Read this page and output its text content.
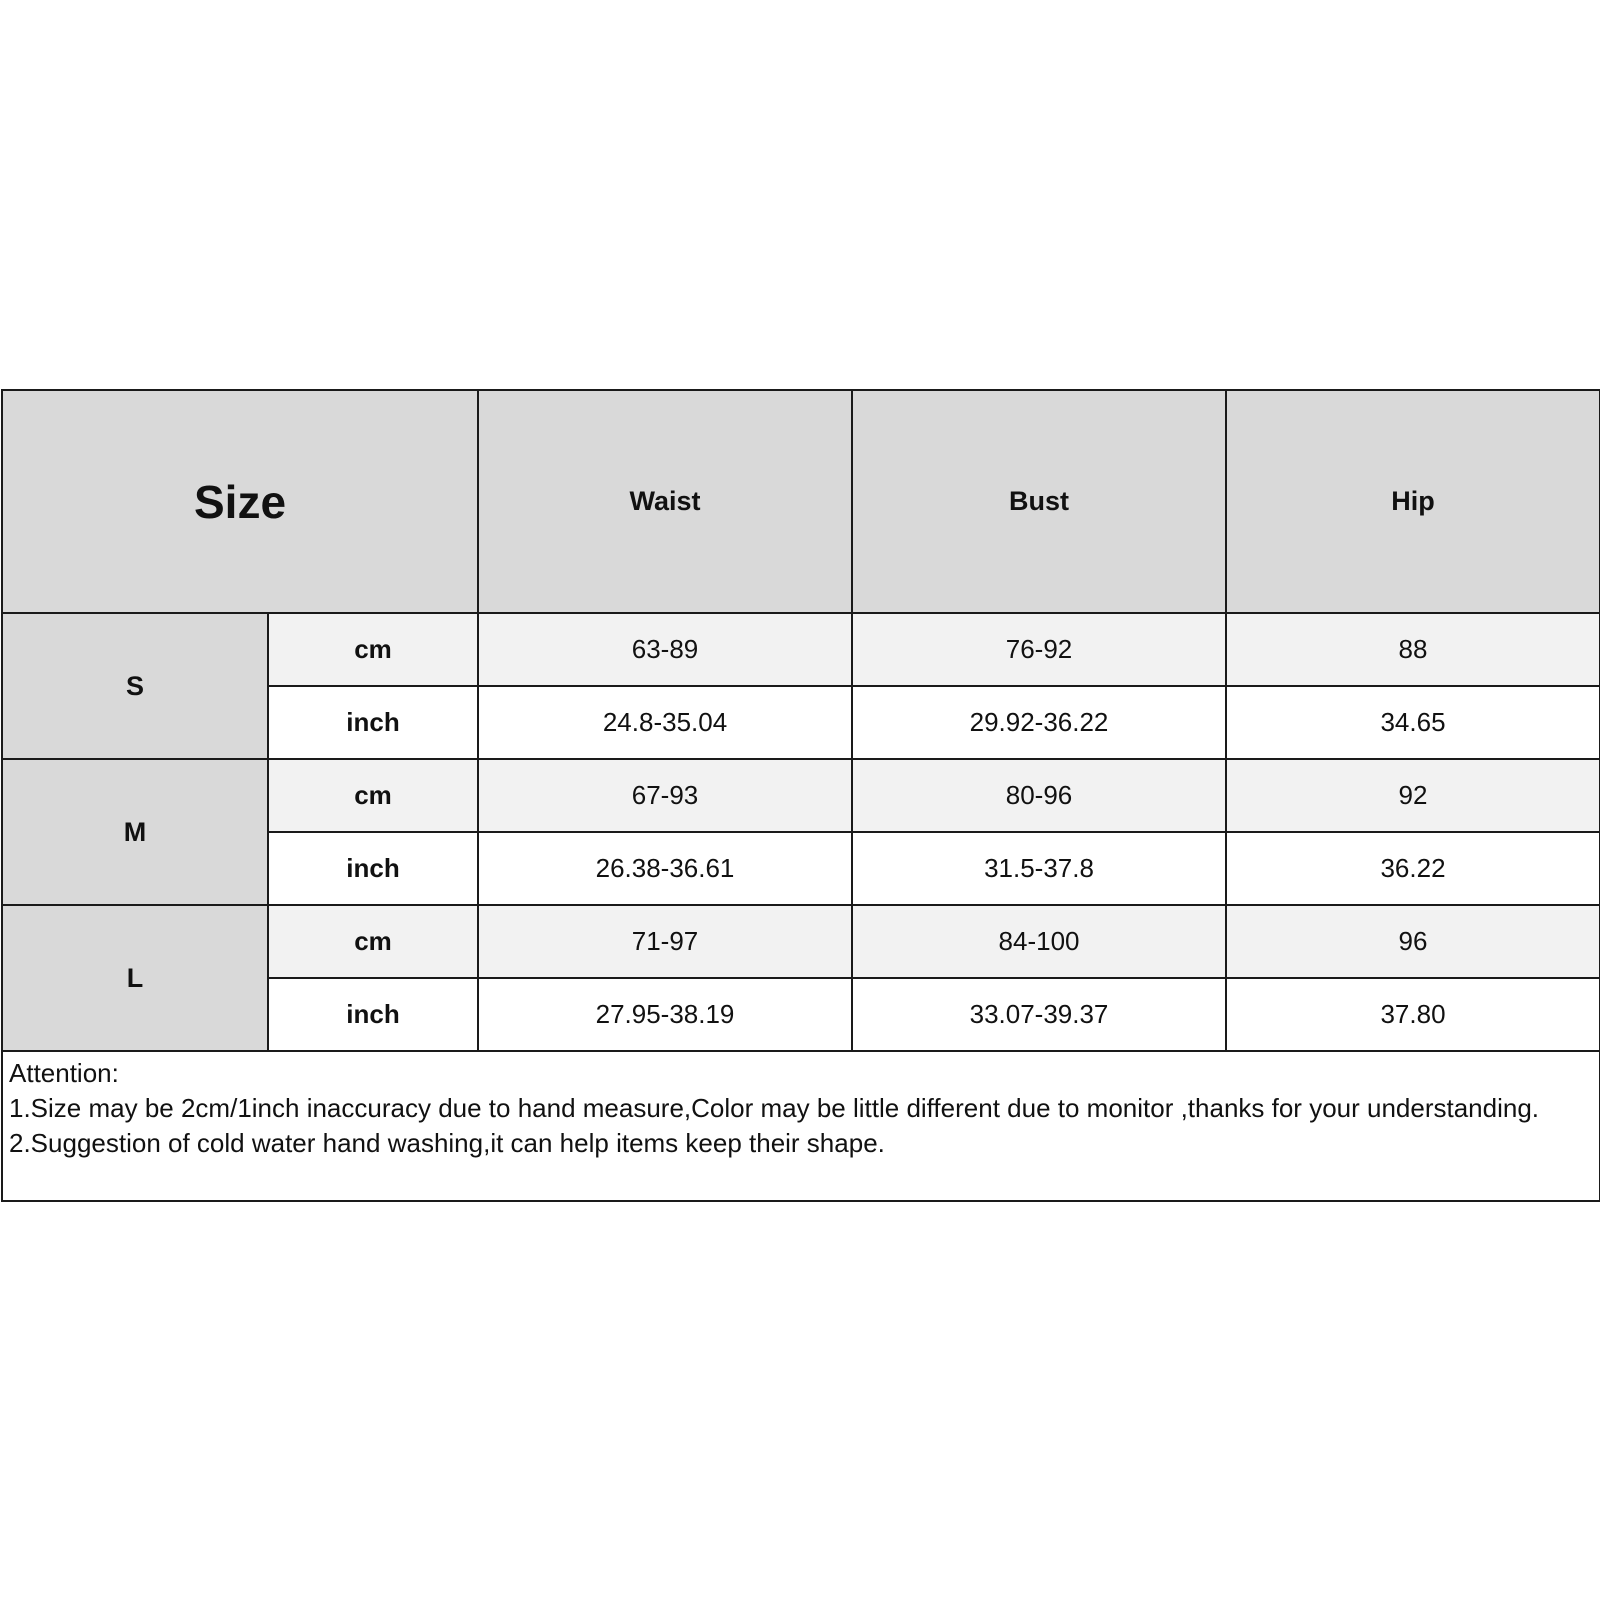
Size		Waist	Bust	Hip
S	cm	63-89	76-92	88
	inch	24.8-35.04	29.92-36.22	34.65
M	cm	67-93	80-96	92
	inch	26.38-36.61	31.5-37.8	36.22
L	cm	71-97	84-100	96
	inch	27.95-38.19	33.07-39.37	37.80

Attention:
1.Size may be 2cm/1inch inaccuracy due to hand measure,Color may be little different due to monitor ,thanks for your understanding.
2.Suggestion of cold water hand washing,it can help items keep their shape.				
